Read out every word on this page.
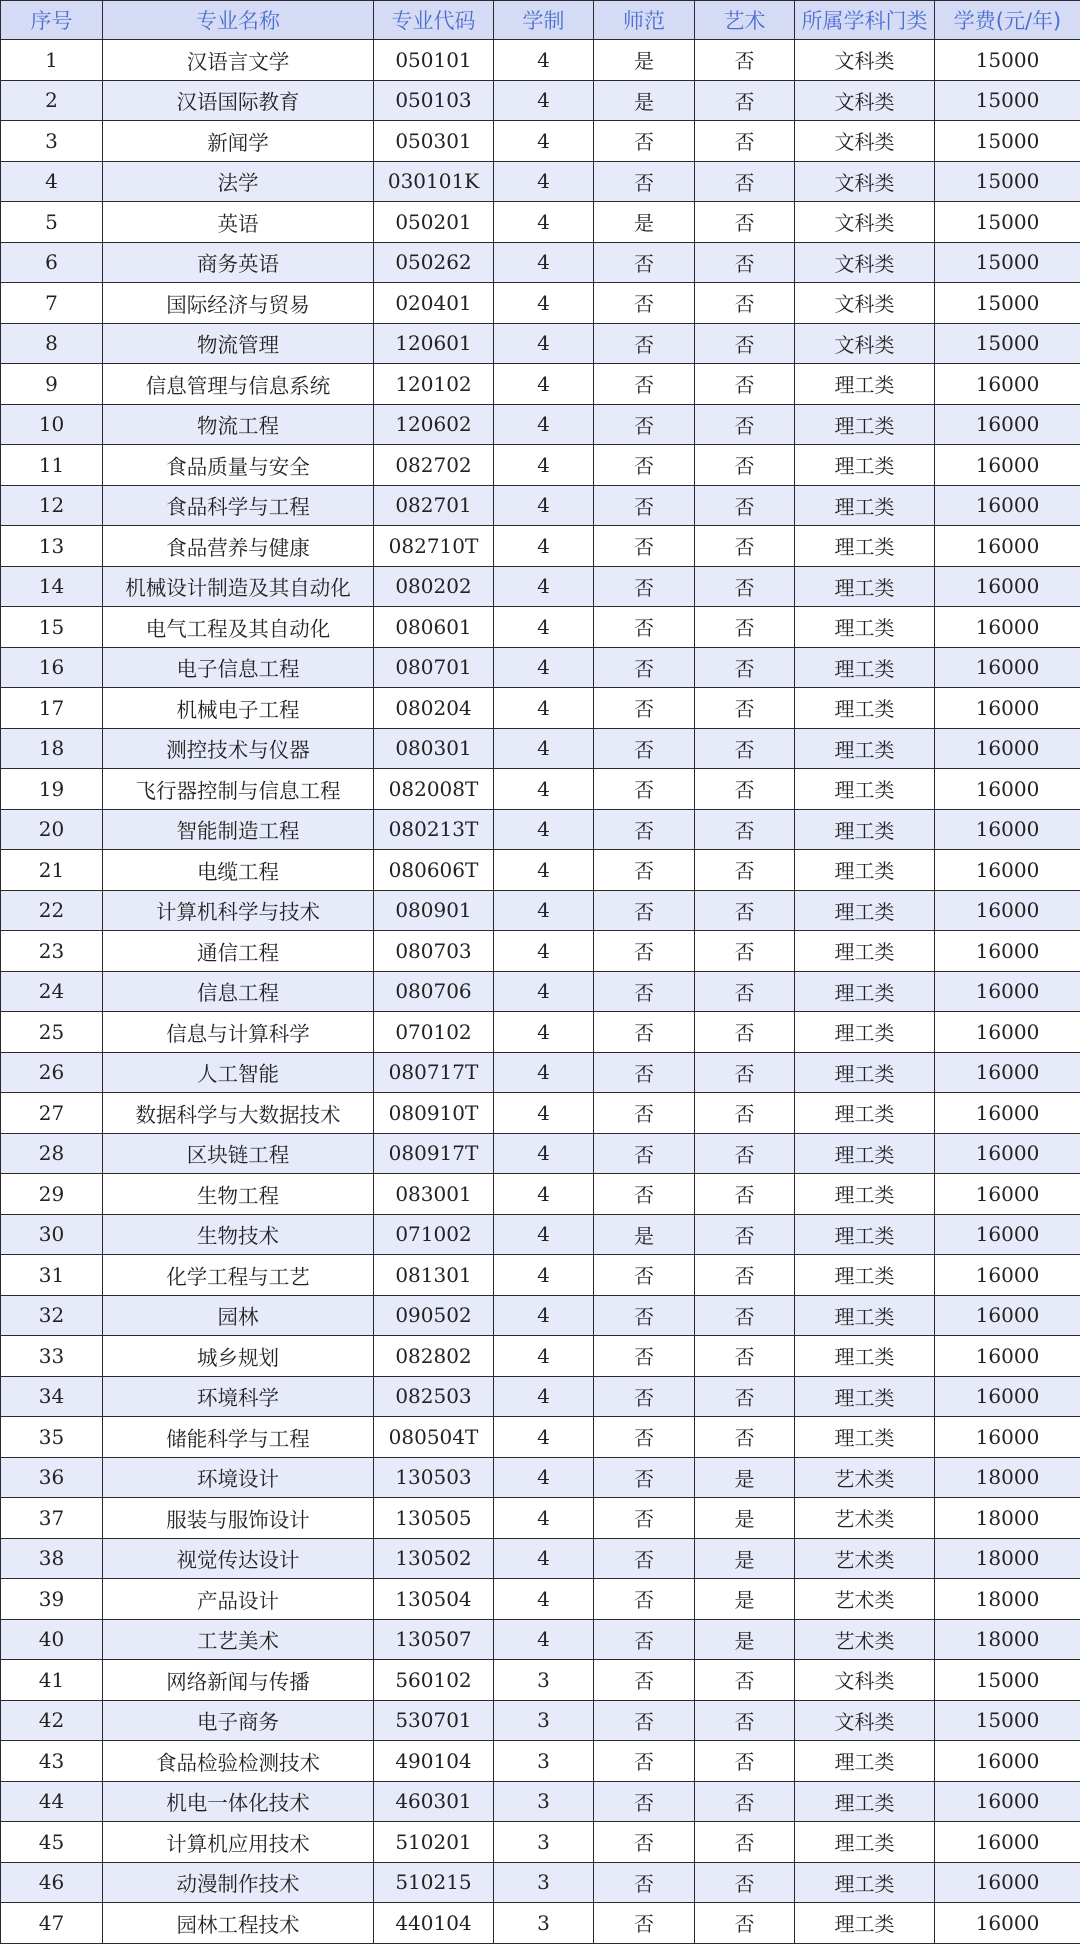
序号	专业名称	专业代码	学制	师范	艺术	所属学科门类	学费(元/年)
1	汉语言文学	050101	4	是	否	文科类	15000
2	汉语国际教育	050103	4	是	否	文科类	15000
3	新闻学	050301	4	否	否	文科类	15000
4	法学	030101K	4	否	否	文科类	15000
5	英语	050201	4	是	否	文科类	15000
6	商务英语	050262	4	否	否	文科类	15000
7	国际经济与贸易	020401	4	否	否	文科类	15000
8	物流管理	120601	4	否	否	文科类	15000
9	信息管理与信息系统	120102	4	否	否	理工类	16000
10	物流工程	120602	4	否	否	理工类	16000
11	食品质量与安全	082702	4	否	否	理工类	16000
12	食品科学与工程	082701	4	否	否	理工类	16000
13	食品营养与健康	082710T	4	否	否	理工类	16000
14	机械设计制造及其自动化	080202	4	否	否	理工类	16000
15	电气工程及其自动化	080601	4	否	否	理工类	16000
16	电子信息工程	080701	4	否	否	理工类	16000
17	机械电子工程	080204	4	否	否	理工类	16000
18	测控技术与仪器	080301	4	否	否	理工类	16000
19	飞行器控制与信息工程	082008T	4	否	否	理工类	16000
20	智能制造工程	080213T	4	否	否	理工类	16000
21	电缆工程	080606T	4	否	否	理工类	16000
22	计算机科学与技术	080901	4	否	否	理工类	16000
23	通信工程	080703	4	否	否	理工类	16000
24	信息工程	080706	4	否	否	理工类	16000
25	信息与计算科学	070102	4	否	否	理工类	16000
26	人工智能	080717T	4	否	否	理工类	16000
27	数据科学与大数据技术	080910T	4	否	否	理工类	16000
28	区块链工程	080917T	4	否	否	理工类	16000
29	生物工程	083001	4	否	否	理工类	16000
30	生物技术	071002	4	是	否	理工类	16000
31	化学工程与工艺	081301	4	否	否	理工类	16000
32	园林	090502	4	否	否	理工类	16000
33	城乡规划	082802	4	否	否	理工类	16000
34	环境科学	082503	4	否	否	理工类	16000
35	储能科学与工程	080504T	4	否	否	理工类	16000
36	环境设计	130503	4	否	是	艺术类	18000
37	服装与服饰设计	130505	4	否	是	艺术类	18000
38	视觉传达设计	130502	4	否	是	艺术类	18000
39	产品设计	130504	4	否	是	艺术类	18000
40	工艺美术	130507	4	否	是	艺术类	18000
41	网络新闻与传播	560102	3	否	否	文科类	15000
42	电子商务	530701	3	否	否	文科类	15000
43	食品检验检测技术	490104	3	否	否	理工类	16000
44	机电一体化技术	460301	3	否	否	理工类	16000
45	计算机应用技术	510201	3	否	否	理工类	16000
46	动漫制作技术	510215	3	否	否	理工类	16000
47	园林工程技术	440104	3	否	否	理工类	16000
